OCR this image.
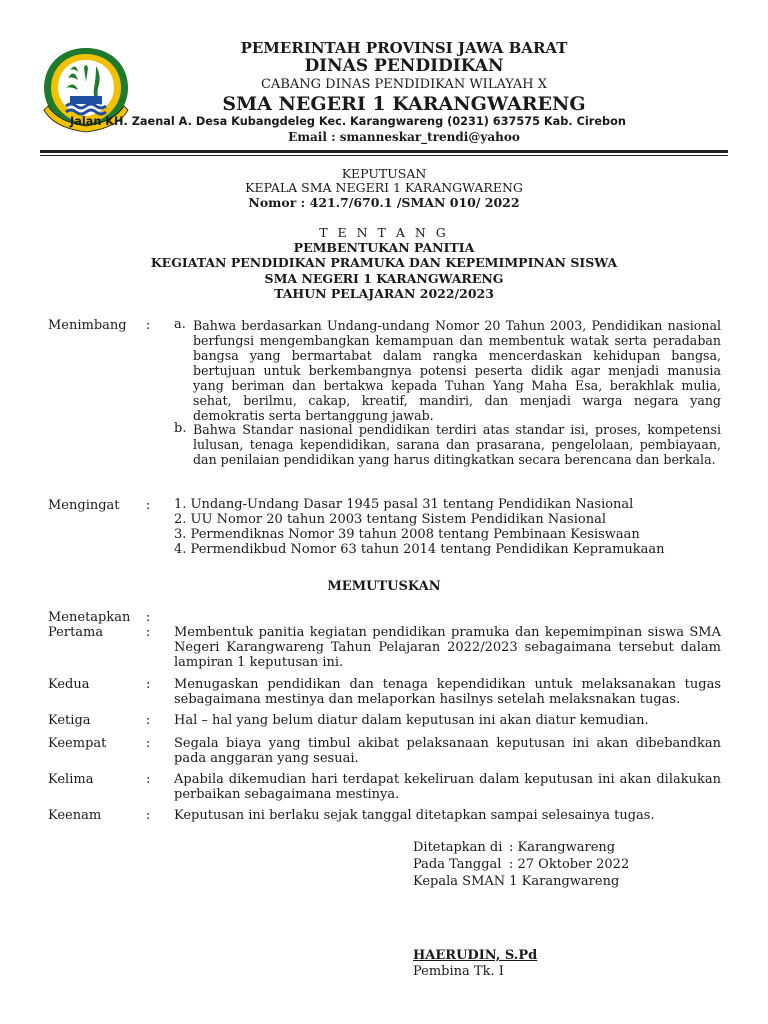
PEMERINTAH PROVINSI JAWA BARAT
DINAS PENDIDIKAN
CABANG DINAS PENDIDIKAN WILAYAH X
SMA NEGERI 1 KARANGWARENG
Jalan KH. Zaenal A. Desa Kubangdeleg Kec. Karangwareng (0231) 637575 Kab. Cirebon
Email : smanneskar_trendi@yahoo
KEPUTUSAN
KEPALA SMA NEGERI 1 KARANGWARENG
Nomor : 421.7/670.1 /SMAN 010/ 2022
T E N T A N G
PEMBENTUKAN PANITIA
KEGIATAN PENDIDIKAN PRAMUKA DAN KEPEMIMPINAN SISWA
SMA NEGERI 1 KARANGWARENG
TAHUN PELAJARAN 2022/2023
Menimbang : a. Bahwa berdasarkan Undang-undang Nomor 20 Tahun 2003, Pendidikan nasional berfungsi mengembangkan kemampuan dan membentuk watak serta peradaban bangsa yang bermartabat dalam rangka mencerdaskan kehidupan bangsa, bertujuan untuk berkembangnya potensi peserta didik agar menjadi manusia yang beriman dan bertakwa kepada Tuhan Yang Maha Esa, berakhlak mulia, sehat, berilmu, cakap, kreatif, mandiri, dan menjadi warga negara yang demokratis serta bertanggung jawab.
b. Bahwa Standar nasional pendidikan terdiri atas standar isi, proses, kompetensi lulusan, tenaga kependidikan, sarana dan prasarana, pengelolaan, pembiayaan, dan penilaian pendidikan yang harus ditingkatkan secara berencana dan berkala.
Mengingat : 1. Undang-Undang Dasar 1945 pasal 31 tentang Pendidikan Nasional
2. UU Nomor 20 tahun 2003 tentang Sistem Pendidikan Nasional
3. Permendiknas Nomor 39 tahun 2008 tentang Pembinaan Kesiswaan
4. Permendikbud Nomor 63 tahun 2014 tentang Pendidikan Kepramukaan
MEMUTUSKAN
Menetapkan :
Pertama	: Membentuk panitia kegiatan pendidikan pramuka dan kepemimpinan siswa SMA Negeri Karangwareng Tahun Pelajaran 2022/2023 sebagaimana tersebut dalam lampiran 1 keputusan ini.
Kedua	: Menugaskan pendidikan dan tenaga kependidikan untuk melaksanakan tugas sebagaimana mestinya dan melaporkan hasilnys setelah melaksnakan tugas.
Ketiga	: Hal – hal yang belum diatur dalam keputusan ini akan diatur kemudian.
Keempat	: Segala biaya yang timbul akibat pelaksanaan keputusan ini akan dibebandkan pada anggaran yang sesuai.
Kelima	: Apabila dikemudian hari terdapat kekeliruan dalam keputusan ini akan dilakukan perbaikan sebagaimana mestinya.
Keenam	: Keputusan ini berlaku sejak tanggal ditetapkan sampai selesainya tugas.
Ditetapkan di : Karangwareng
Pada Tanggal : 27 Oktober 2022
Kepala SMAN 1 Karangwareng
HAERUDIN, S.Pd
Pembina Tk. I
